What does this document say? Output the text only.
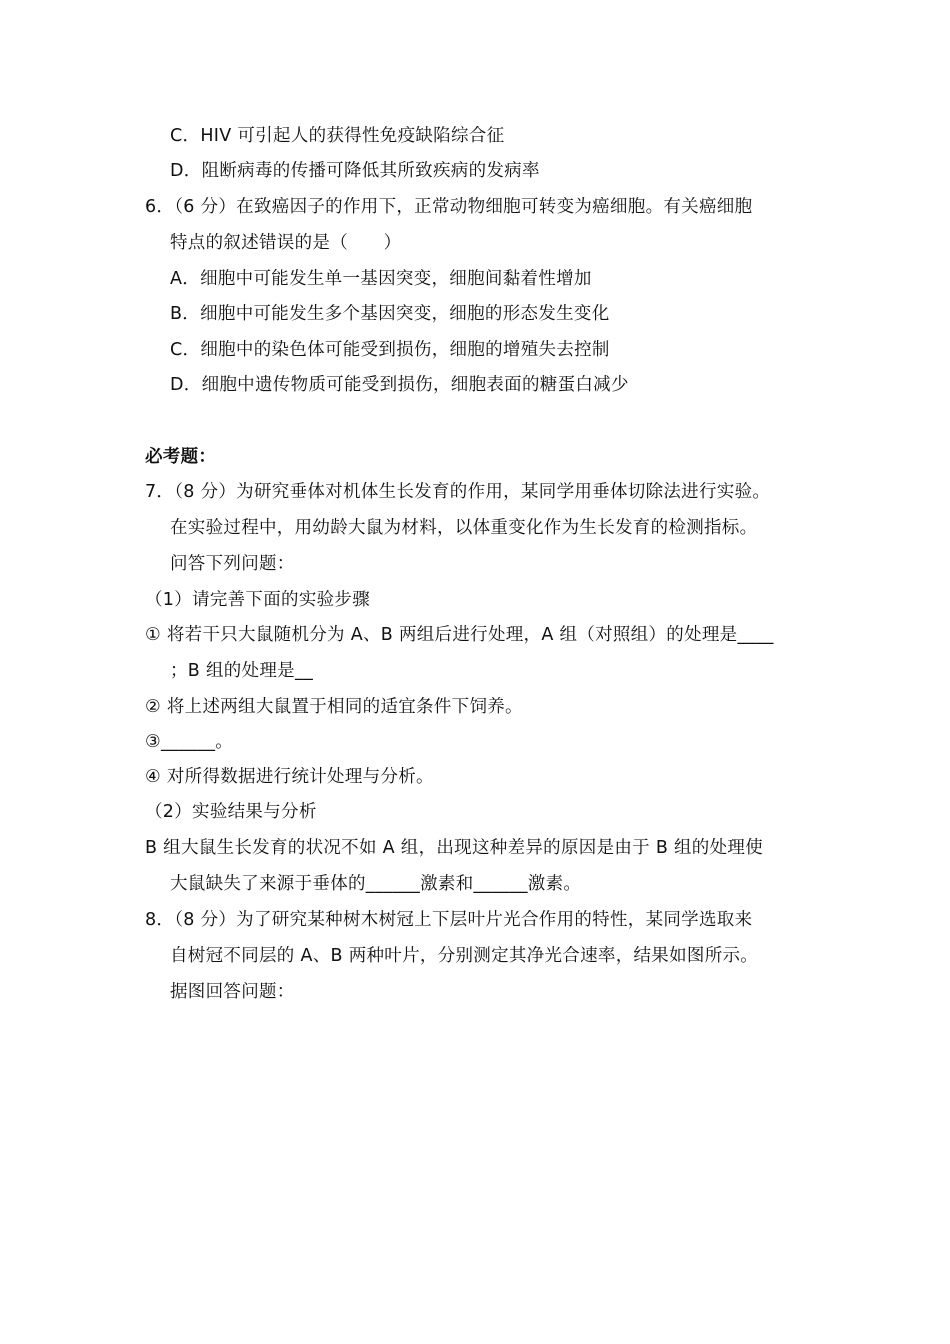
C．HIV 可引起人的获得性免疫缺陷综合征
D．阻断病毒的传播可降低其所致疾病的发病率
6．（6 分）在致癌因子的作用下，正常动物细胞可转变为癌细胞。有关癌细胞
特点的叙述错误的是（　　）
A．细胞中可能发生单一基因突变，细胞间黏着性增加
B．细胞中可能发生多个基因突变，细胞的形态发生变化
C．细胞中的染色体可能受到损伤，细胞的增殖失去控制
D．细胞中遗传物质可能受到损伤，细胞表面的糖蛋白减少
必考题：
7．（8 分）为研究垂体对机体生长发育的作用，某同学用垂体切除法进行实验。
在实验过程中，用幼龄大鼠为材料，以体重变化作为生长发育的检测指标。
问答下列问题：
（1）请完善下面的实验步骤
① 将若干只大鼠随机分为 A、B 两组后进行处理，A 组（对照组）的处理是____
；B 组的处理是__
② 将上述两组大鼠置于相同的适宜条件下饲养。
③______。
④ 对所得数据进行统计处理与分析。
（2）实验结果与分析
B 组大鼠生长发育的状况不如 A 组，出现这种差异的原因是由于 B 组的处理使
大鼠缺失了来源于垂体的______激素和______激素。
8．（8 分）为了研究某种树木树冠上下层叶片光合作用的特性，某同学选取来
自树冠不同层的 A、B 两种叶片，分别测定其净光合速率，结果如图所示。
据图回答问题：
